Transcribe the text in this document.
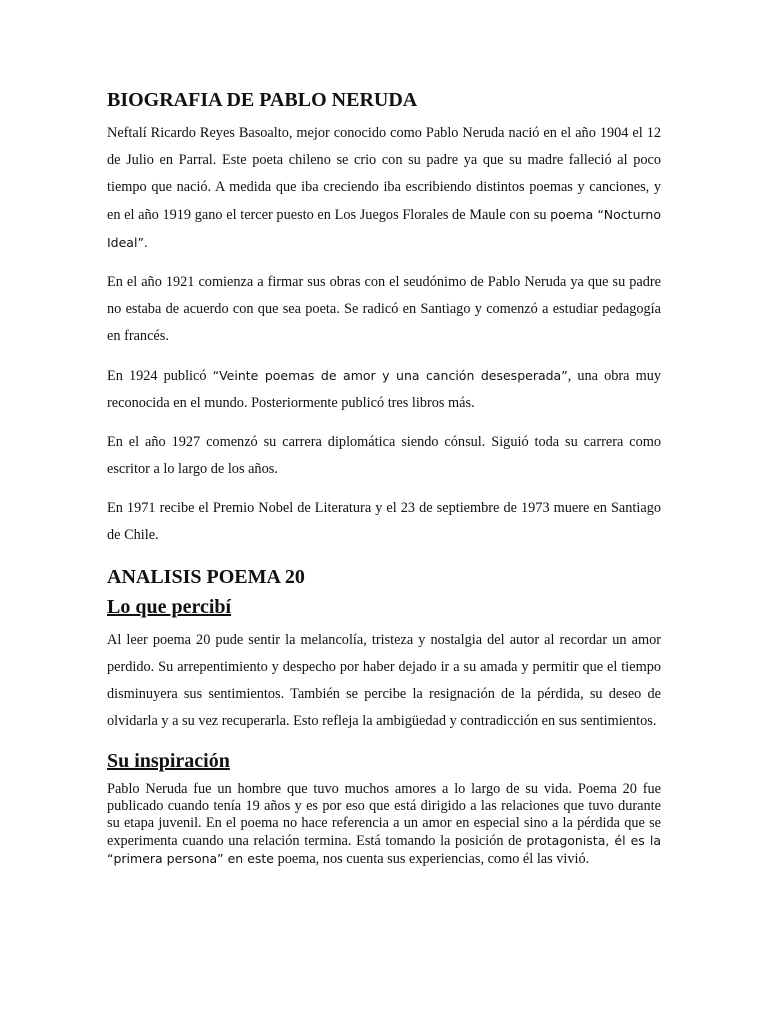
BIOGRAFIA DE PABLO NERUDA

Neftalí Ricardo Reyes Basoalto, mejor conocido como Pablo Neruda nació en el año 1904 el 12 de Julio en Parral. Este poeta chileno se crio con su padre ya que su madre falleció al poco tiempo que nació. A medida que iba creciendo iba escribiendo distintos poemas y canciones, y en el año 1919 gano el tercer puesto en Los Juegos Florales de Maule con su poema “Nocturno Ideal”.

En el año 1921 comienza a firmar sus obras con el seudónimo de Pablo Neruda ya que su padre no estaba de acuerdo con que sea poeta. Se radicó en Santiago y comenzó a estudiar pedagogía en francés.

En 1924 publicó “Veinte poemas de amor y una canción desesperada”, una obra muy reconocida en el mundo. Posteriormente publicó tres libros más.

En el año 1927 comenzó su carrera diplomática siendo cónsul. Siguió toda su carrera como escritor a lo largo de los años.

En 1971 recibe el Premio Nobel de Literatura y el 23 de septiembre de 1973 muere en Santiago de Chile.

ANALISIS POEMA 20
Lo que percibí

Al leer poema 20 pude sentir la melancolía, tristeza y nostalgia del autor al recordar un amor perdido. Su arrepentimiento y despecho por haber dejado ir a su amada y permitir que el tiempo disminuyera sus sentimientos. También se percibe la resignación de la pérdida, su deseo de olvidarla y a su vez recuperarla. Esto refleja la ambigüedad y contradicción en sus sentimientos.

Su inspiración

Pablo Neruda fue un hombre que tuvo muchos amores a lo largo de su vida. Poema 20 fue publicado cuando tenía 19 años y es por eso que está dirigido a las relaciones que tuvo durante su etapa juvenil. En el poema no hace referencia a un amor en especial sino a la pérdida que se experimenta cuando una relación termina. Está tomando la posición de protagonista, él es la “primera persona” en este poema, nos cuenta sus experiencias, como él las vivió.
